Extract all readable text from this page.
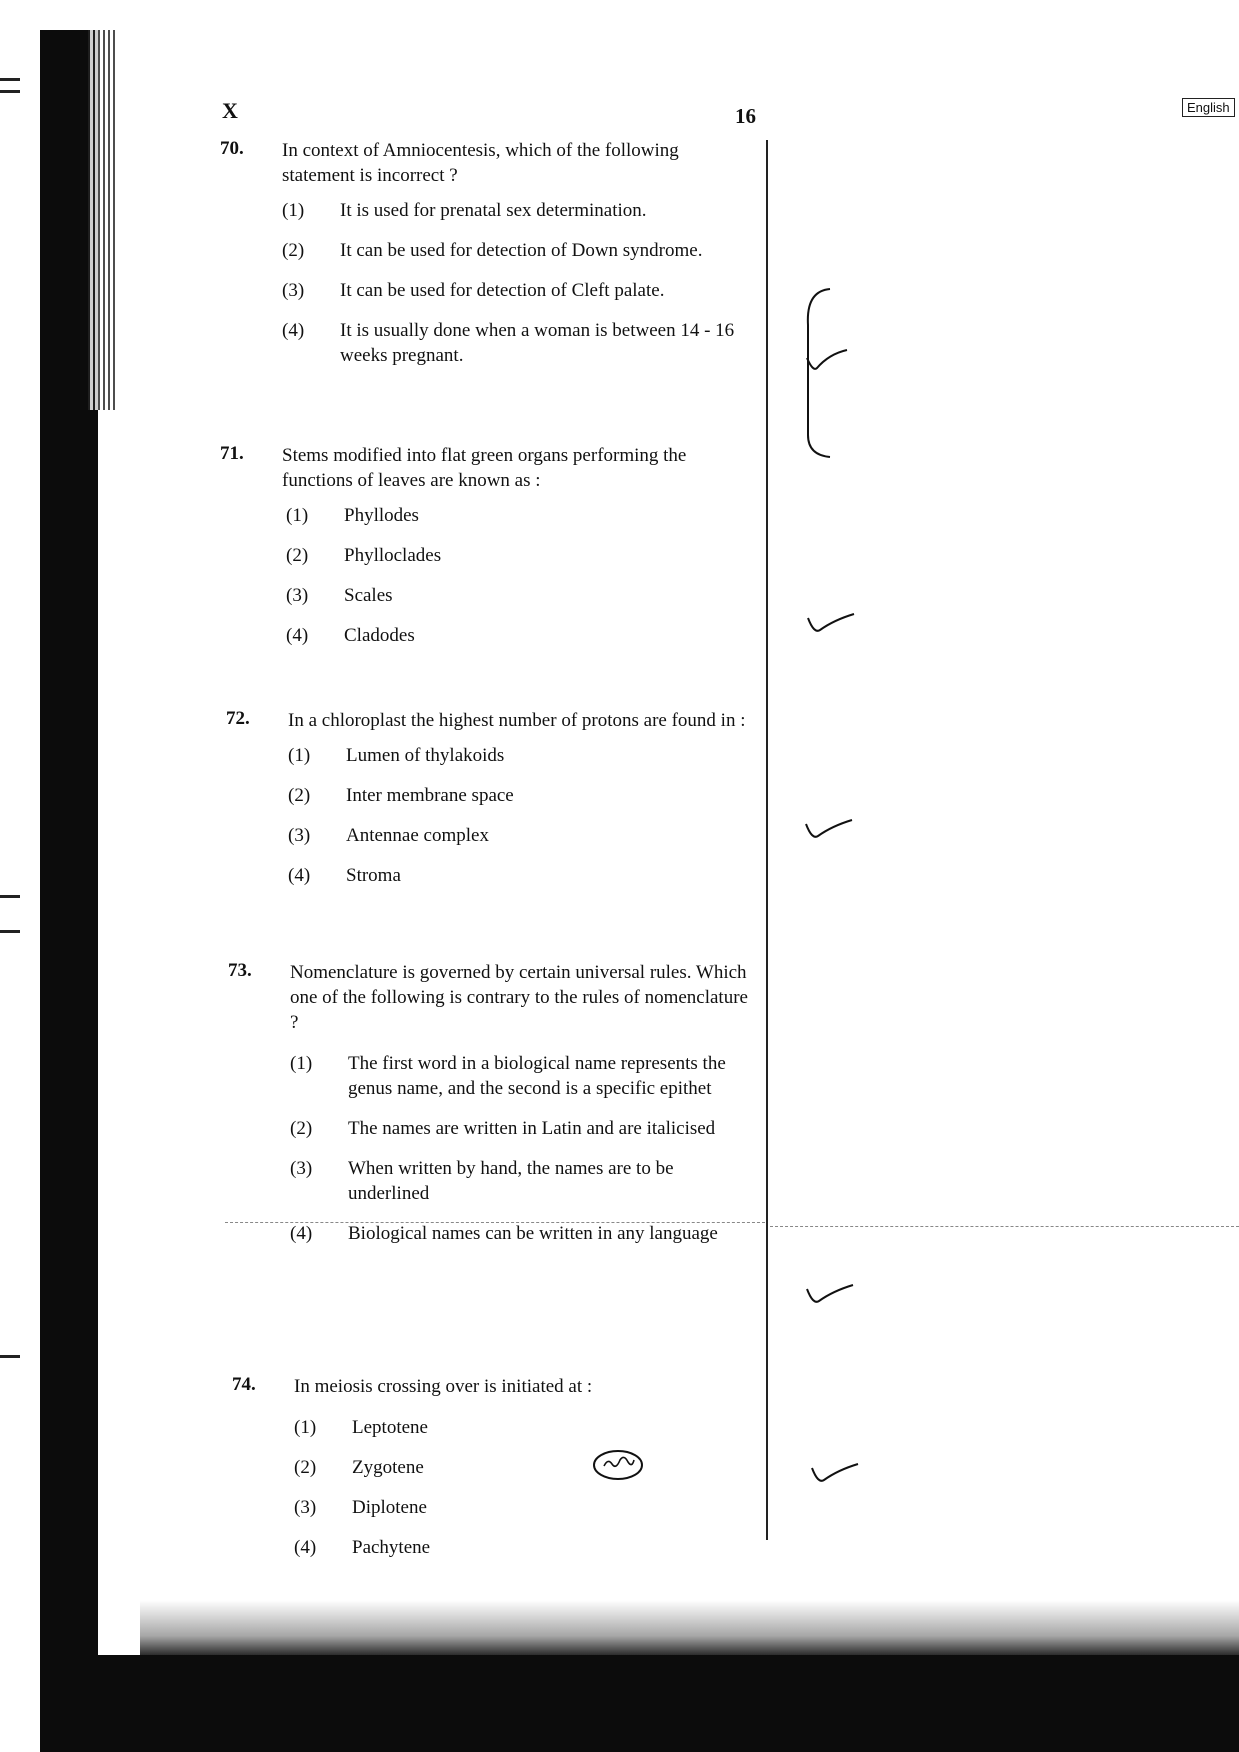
X	16	English
70. In context of Amniocentesis, which of the following statement is incorrect ?
(1)	It is used for prenatal sex determination.
(2)	It can be used for detection of Down syndrome.
(3)	It can be used for detection of Cleft palate.
(4)	It is usually done when a woman is between 14 - 16 weeks pregnant.
71. Stems modified into flat green organs performing the functions of leaves are known as :
(1)	Phyllodes
(2)	Phylloclades
(3)	Scales
(4)	Cladodes
72. In a chloroplast the highest number of protons are found in :
(1)	Lumen of thylakoids
(2)	Inter membrane space
(3)	Antennae complex
(4)	Stroma
73. Nomenclature is governed by certain universal rules. Which one of the following is contrary to the rules of nomenclature ?
(1)	The first word in a biological name represents the genus name, and the second is a specific epithet
(2)	The names are written in Latin and are italicised
(3)	When written by hand, the names are to be underlined
(4)	Biological names can be written in any language
74. In meiosis crossing over is initiated at :
(1)	Leptotene
(2)	Zygotene
(3)	Diplotene
(4)	Pachytene
